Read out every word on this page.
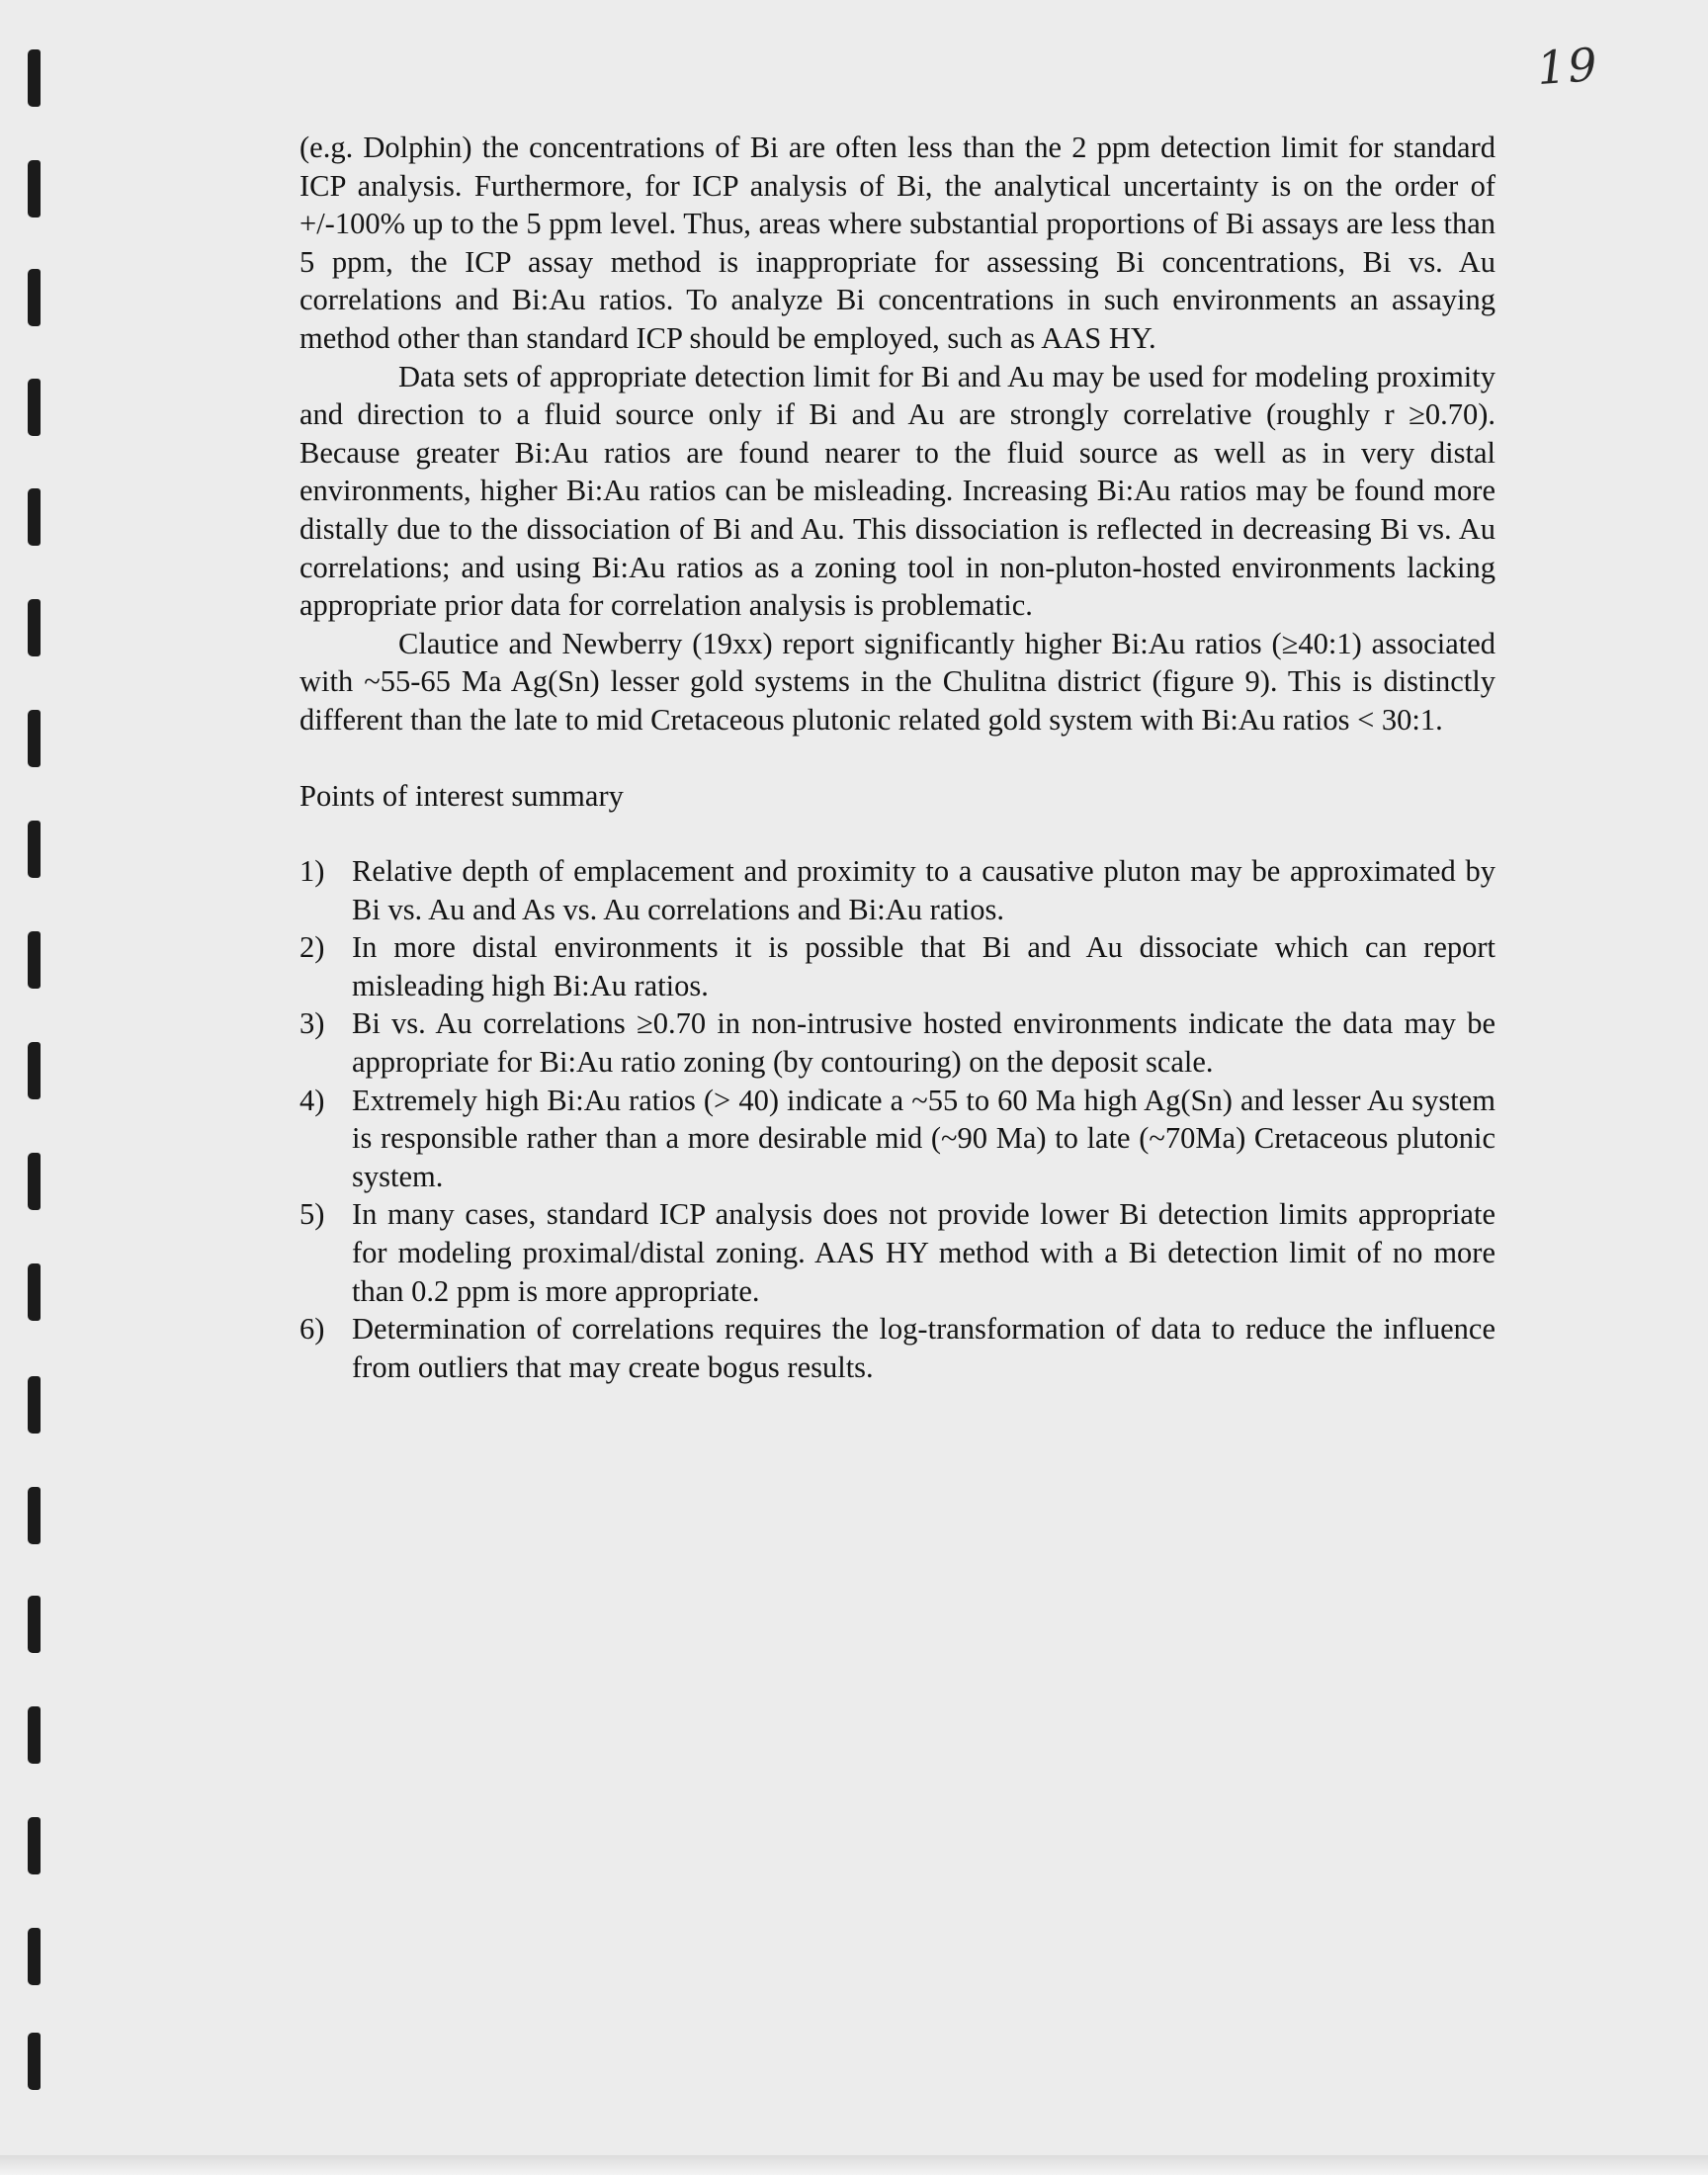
19

(e.g. Dolphin) the concentrations of Bi are often less than the 2 ppm detection limit for standard ICP analysis. Furthermore, for ICP analysis of Bi, the analytical uncertainty is on the order of +/-100% up to the 5 ppm level. Thus, areas where substantial proportions of Bi assays are less than 5 ppm, the ICP assay method is inappropriate for assessing Bi concentrations, Bi vs. Au correlations and Bi:Au ratios. To analyze Bi concentrations in such environments an assaying method other than standard ICP should be employed, such as AAS HY.

Data sets of appropriate detection limit for Bi and Au may be used for modeling proximity and direction to a fluid source only if Bi and Au are strongly correlative (roughly r ≥0.70). Because greater Bi:Au ratios are found nearer to the fluid source as well as in very distal environments, higher Bi:Au ratios can be misleading. Increasing Bi:Au ratios may be found more distally due to the dissociation of Bi and Au. This dissociation is reflected in decreasing Bi vs. Au correlations; and using Bi:Au ratios as a zoning tool in non-pluton-hosted environments lacking appropriate prior data for correlation analysis is problematic.

Clautice and Newberry (19xx) report significantly higher Bi:Au ratios (≥40:1) associated with ~55-65 Ma Ag(Sn) lesser gold systems in the Chulitna district (figure 9). This is distinctly different than the late to mid Cretaceous plutonic related gold system with Bi:Au ratios < 30:1.

Points of interest summary

1) Relative depth of emplacement and proximity to a causative pluton may be approximated by Bi vs. Au and As vs. Au correlations and Bi:Au ratios.
2) In more distal environments it is possible that Bi and Au dissociate which can report misleading high Bi:Au ratios.
3) Bi vs. Au correlations ≥0.70 in non-intrusive hosted environments indicate the data may be appropriate for Bi:Au ratio zoning (by contouring) on the deposit scale.
4) Extremely high Bi:Au ratios (> 40) indicate a ~55 to 60 Ma high Ag(Sn) and lesser Au system is responsible rather than a more desirable mid (~90 Ma) to late (~70Ma) Cretaceous plutonic system.
5) In many cases, standard ICP analysis does not provide lower Bi detection limits appropriate for modeling proximal/distal zoning. AAS HY method with a Bi detection limit of no more than 0.2 ppm is more appropriate.
6) Determination of correlations requires the log-transformation of data to reduce the influence from outliers that may create bogus results.
